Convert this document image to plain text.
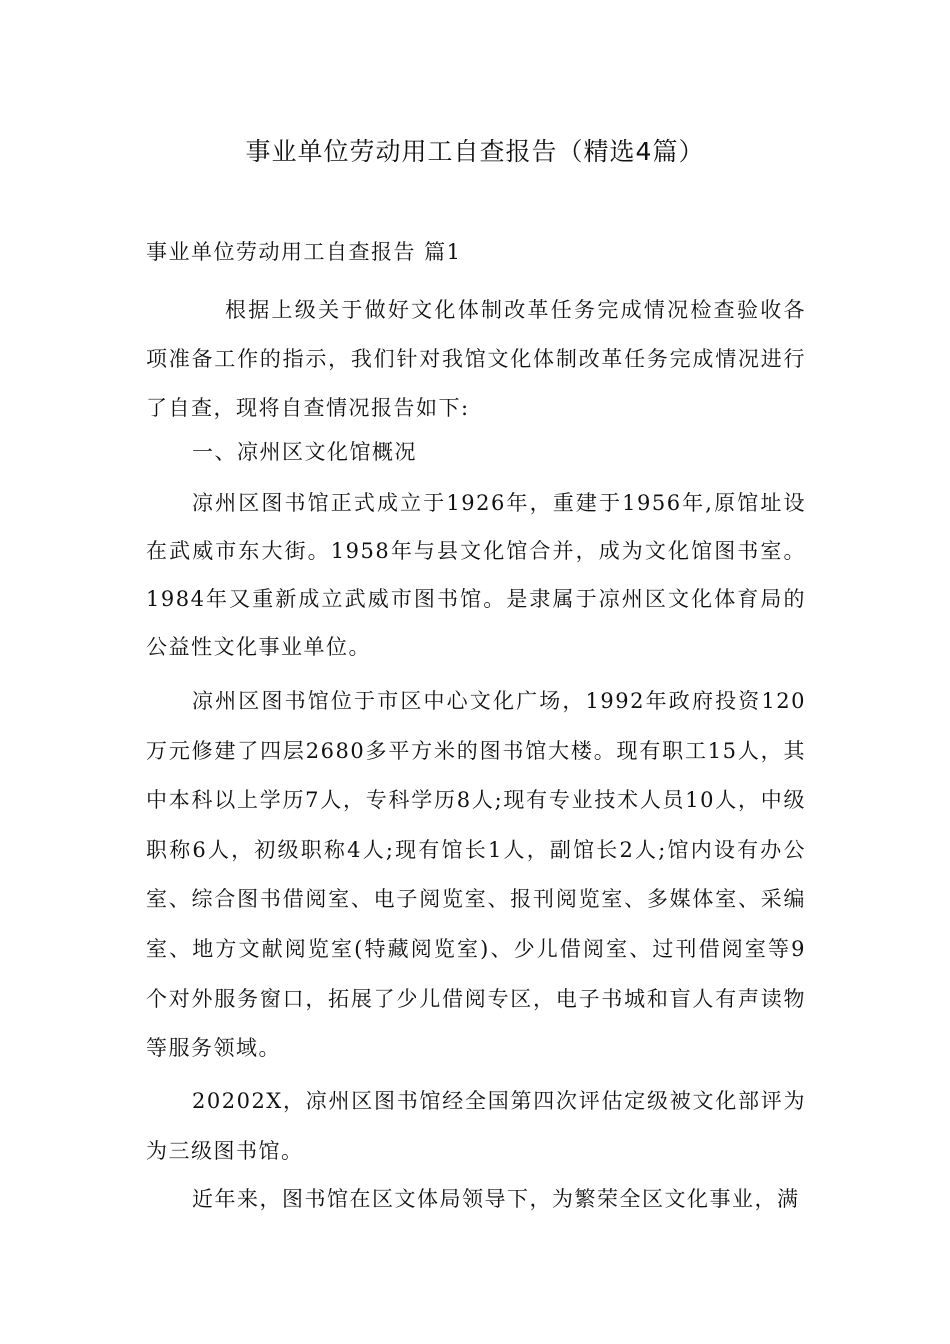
事业单位劳动用工自查报告（精选4篇）
事业单位劳动用工自查报告 篇1
根据上级关于做好文化体制改革任务完成情况检查验收各项准备工作的指示，我们针对我馆文化体制改革任务完成情况进行了自查，现将自查情况报告如下:
一、凉州区文化馆概况
凉州区图书馆正式成立于1926年，重建于1956年,原馆址设在武威市东大街。1958年与县文化馆合并，成为文化馆图书室。1984年又重新成立武威市图书馆。是隶属于凉州区文化体育局的公益性文化事业单位。
凉州区图书馆位于市区中心文化广场，1992年政府投资120万元修建了四层2680多平方米的图书馆大楼。现有职工15人，其中本科以上学历7人，专科学历8人;现有专业技术人员10人，中级职称6人，初级职称4人;现有馆长1人，副馆长2人;馆内设有办公室、综合图书借阅室、电子阅览室、报刊阅览室、多媒体室、采编室、地方文献阅览室(特藏阅览室)、少儿借阅室、过刊借阅室等9个对外服务窗口，拓展了少儿借阅专区，电子书城和盲人有声读物等服务领域。
20202X，凉州区图书馆经全国第四次评估定级被文化部评为为三级图书馆。
近年来，图书馆在区文体局领导下，为繁荣全区文化事业，满
